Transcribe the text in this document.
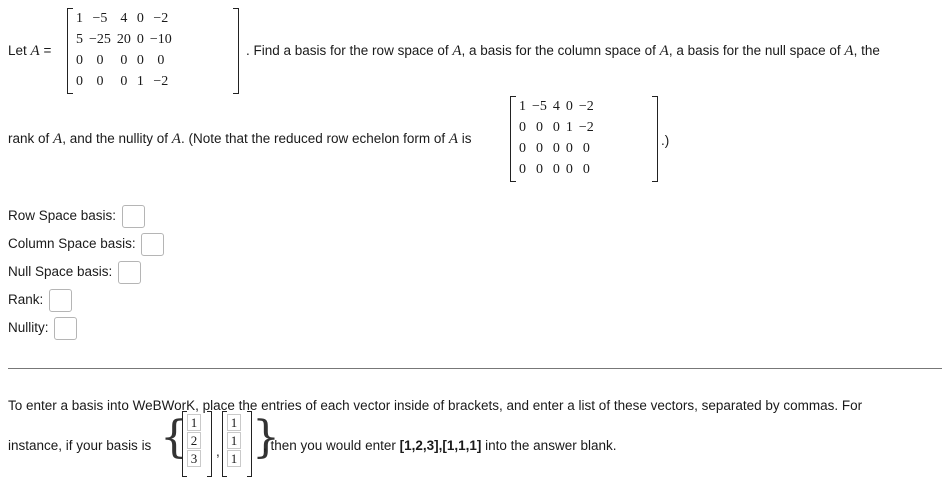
Let A =
1	−5	4	0	−2
5	−25	20	0	−10
0	0	0	0	0
0	0	0	1	−2
. Find a basis for the row space of A, a basis for the column space of A, a basis for the null space of A, the
rank of A, and the nullity of A. (Note that the reduced row echelon form of A is
1	−5	4	0	−2
0	0	0	1	−2
0	0	0	0	0
0	0	0	0	0
.)
Row Space basis:
Column Space basis:
Null Space basis:
Rank:
Nullity:
To enter a basis into WeBWorK, place the entries of each vector inside of brackets, and enter a list of these vectors, separated by commas. For
instance, if your basis is { 1
2
3 ,
1
1
1 }
, then you would enter [1,2,3],[1,1,1] into the answer blank.
